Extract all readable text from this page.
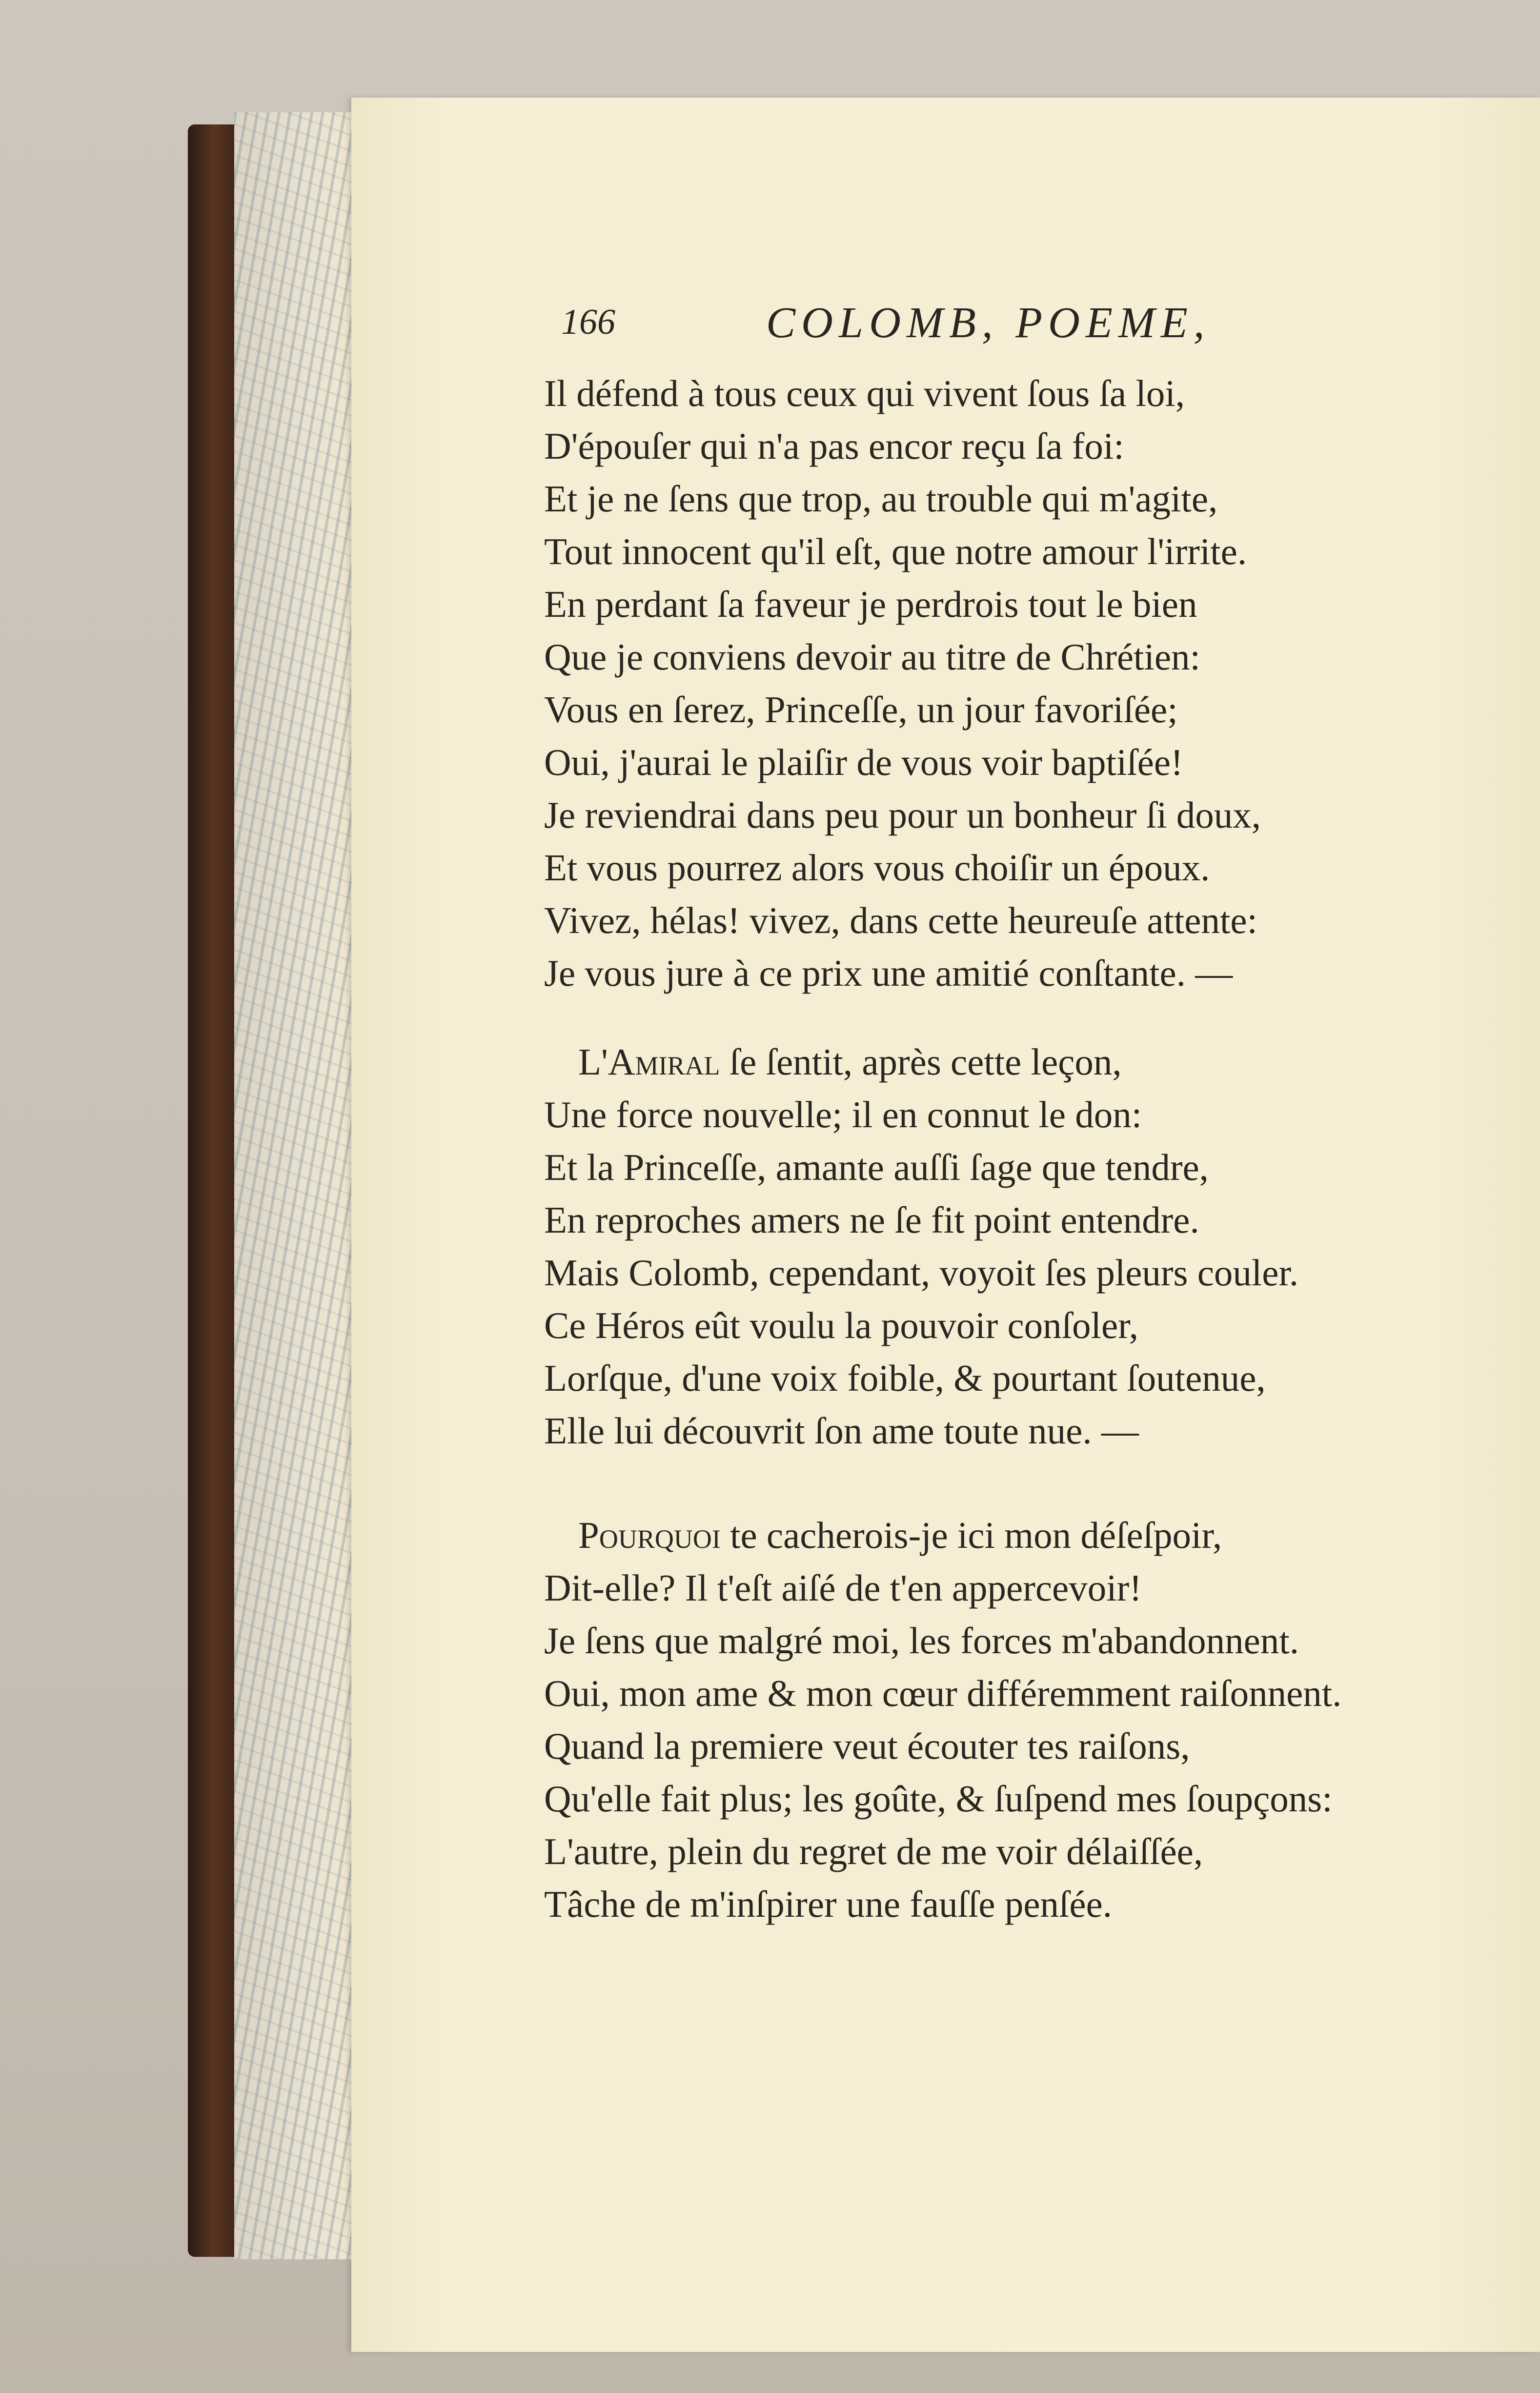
166	COLOMB, POEME,
Il défend à tous ceux qui vivent ſous ſa loi,
D'épouſer qui n'a pas encor reçu ſa foi:
Et je ne ſens que trop, au trouble qui m'agite,
Tout innocent qu'il eſt, que notre amour l'irrite.
En perdant ſa faveur je perdrois tout le bien
Que je conviens devoir au titre de Chrétien:
Vous en ſerez, Princeſſe, un jour favoriſée;
Oui, j'aurai le plaiſir de vous voir baptiſée!
Je reviendrai dans peu pour un bonheur ſi doux,
Et vous pourrez alors vous choiſir un époux.
Vivez, hélas! vivez, dans cette heureuſe attente:
Je vous jure à ce prix une amitié conſtante. —
L'Amiral ſe ſentit, après cette leçon,
Une force nouvelle; il en connut le don:
Et la Princeſſe, amante auſſi ſage que tendre,
En reproches amers ne ſe fit point entendre.
Mais Colomb, cependant, voyoit ſes pleurs couler.
Ce Héros eût voulu la pouvoir conſoler,
Lorſque, d'une voix foible, & pourtant ſoutenue,
Elle lui découvrit ſon ame toute nue. —
Pourquoi te cacherois-je ici mon déſeſpoir,
Dit-elle? Il t'eſt aiſé de t'en appercevoir!
Je ſens que malgré moi, les forces m'abandonnent.
Oui, mon ame & mon cœur différemment raiſonnent.
Quand la premiere veut écouter tes raiſons,
Qu'elle fait plus; les goûte, & ſuſpend mes ſoupçons:
L'autre, plein du regret de me voir délaiſſée,
Tâche de m'inſpirer une fauſſe penſée.
